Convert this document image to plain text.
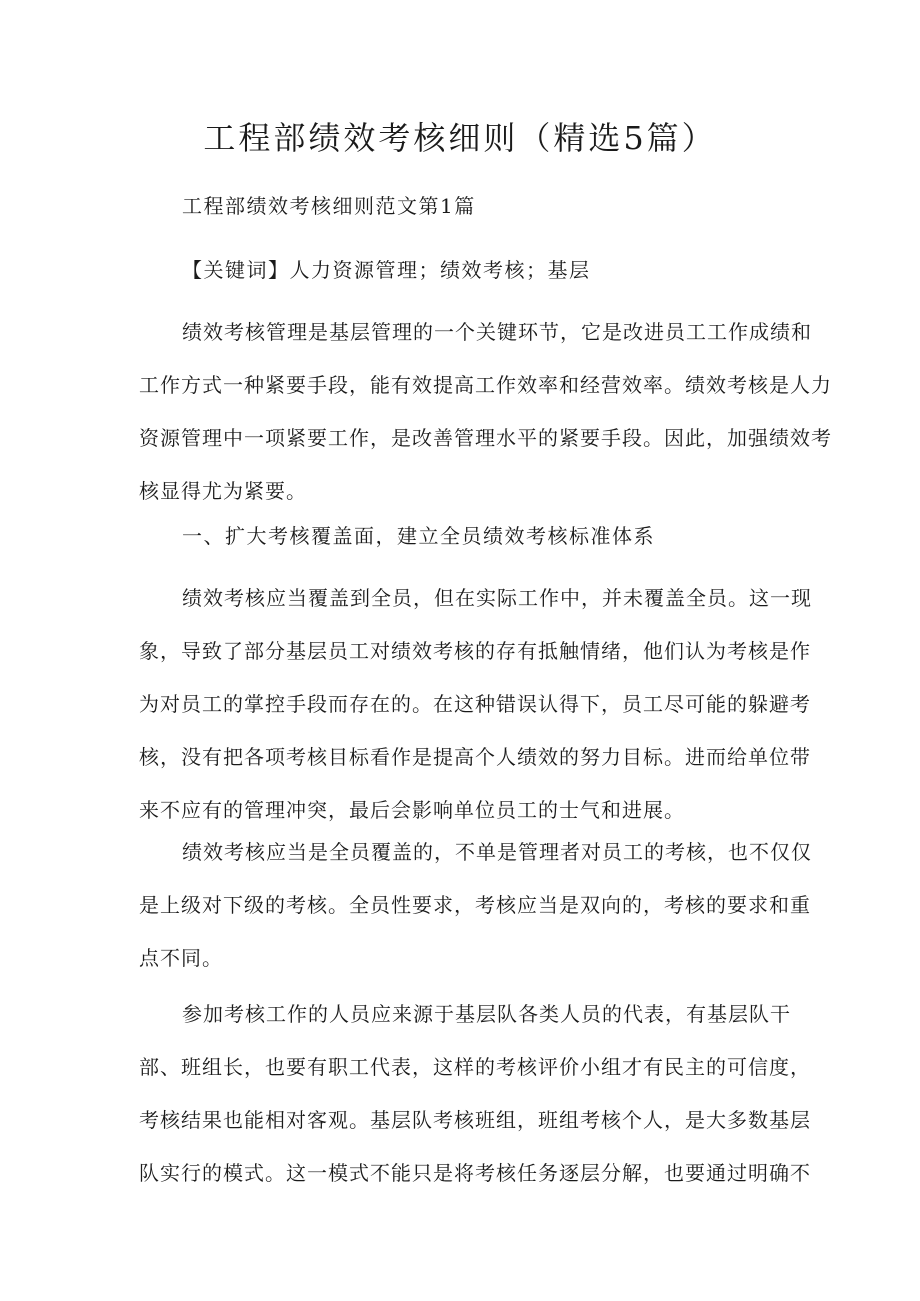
工程部绩效考核细则（精选5篇）

工程部绩效考核细则范文第1篇

【关键词】人力资源管理；绩效考核；基层

绩效考核管理是基层管理的一个关键环节，它是改进员工工作成绩和
工作方式一种紧要手段，能有效提高工作效率和经营效率。绩效考核是人力
资源管理中一项紧要工作，是改善管理水平的紧要手段。因此，加强绩效考
核显得尤为紧要。

一、扩大考核覆盖面，建立全员绩效考核标准体系

绩效考核应当覆盖到全员，但在实际工作中，并未覆盖全员。这一现
象，导致了部分基层员工对绩效考核的存有抵触情绪，他们认为考核是作
为对员工的掌控手段而存在的。在这种错误认得下，员工尽可能的躲避考
核，没有把各项考核目标看作是提高个人绩效的努力目标。进而给单位带
来不应有的管理冲突，最后会影响单位员工的士气和进展。
绩效考核应当是全员覆盖的，不单是管理者对员工的考核，也不仅仅
是上级对下级的考核。全员性要求，考核应当是双向的，考核的要求和重
点不同。
参加考核工作的人员应来源于基层队各类人员的代表，有基层队干
部、班组长，也要有职工代表，这样的考核评价小组才有民主的可信度，
考核结果也能相对客观。基层队考核班组，班组考核个人，是大多数基层
队实行的模式。这一模式不能只是将考核任务逐层分解，也要通过明确不
